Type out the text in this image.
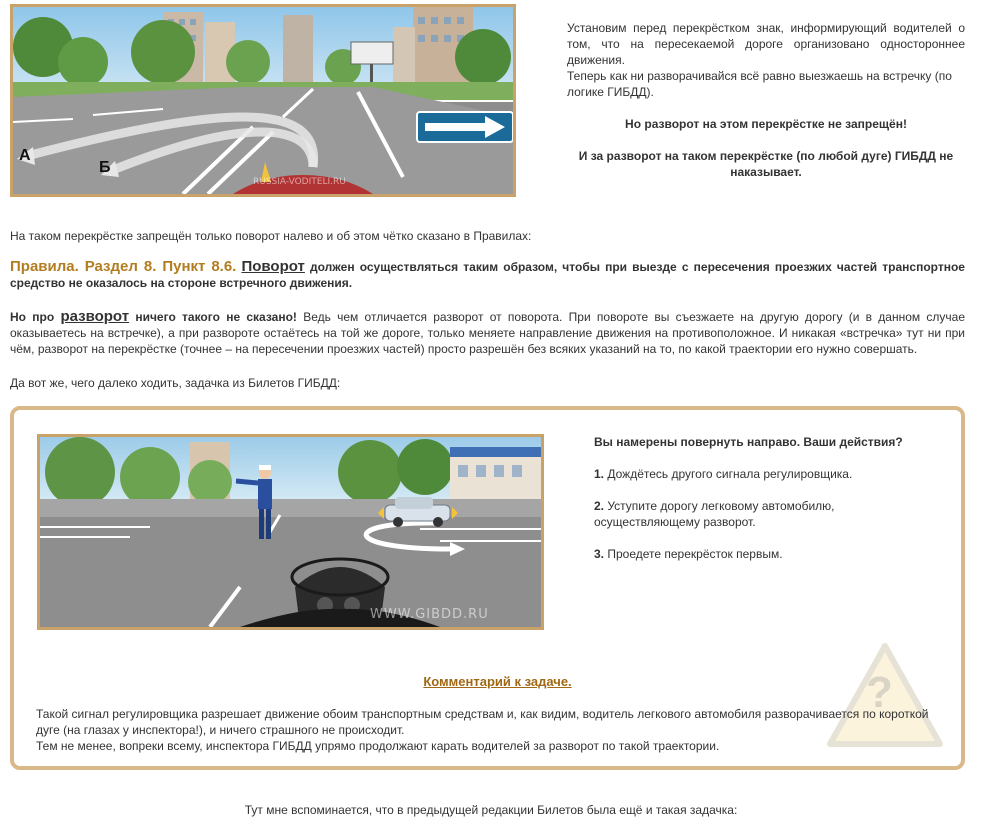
А
Б
RUSSIA-VODITELI.RU

Установим перед перекрёстком знак, информирующий водителей о том, что на пересекаемой дороге организовано одностороннее движения.

Теперь как ни разворачивайся всё равно выезжаешь на встречку (по логике ГИБДД).

Но разворот на этом перекрёстке не запрещён!

И за разворот на таком перекрёстке (по любой дуге) ГИБДД не наказывает.

На таком перекрёстке запрещён только поворот налево и об этом чётко сказано в Правилах:

Правила. Раздел 8. Пункт 8.6. Поворот должен осуществляться таким образом, чтобы при выезде с пересечения проезжих частей транспортное средство не оказалось на стороне встречного движения.
Но про разворот ничего такого не сказано! Ведь чем отличается разворот от поворота. При повороте вы съезжаете на другую дорогу (и в данном случае оказываетесь на встречке), а при развороте остаётесь на той же дороге, только меняете направление движения на противоположное. И никакая «встречка» тут ни при чём, разворот на перекрёстке (точнее – на пересечении проезжих частей) просто разрешён без всяких указаний на то, по какой траектории его нужно совершать.

Да вот же, чего далеко ходить, задачка из Билетов ГИБДД:

WWW.GIBDD.RU

Вы намерены повернуть направо. Ваши действия?

1. Дождётесь другого сигнала регулировщика.

2. Уступите дорогу легковому автомобилю, осуществляющему разворот.

3. Проедете перекрёсток первым.

?
Комментарий к задаче.

Такой сигнал регулировщика разрешает движение обоим транспортным средствам и, как видим, водитель легкового автомобиля разворачивается по короткой дуге (на глазах у инспектора!), и ничего страшного не происходит.

Тем не менее, вопреки всему, инспектора ГИБДД упрямо продолжают карать водителей за разворот по такой траектории.

Тут мне вспоминается, что в предыдущей редакции Билетов была ещё и такая задачка:
